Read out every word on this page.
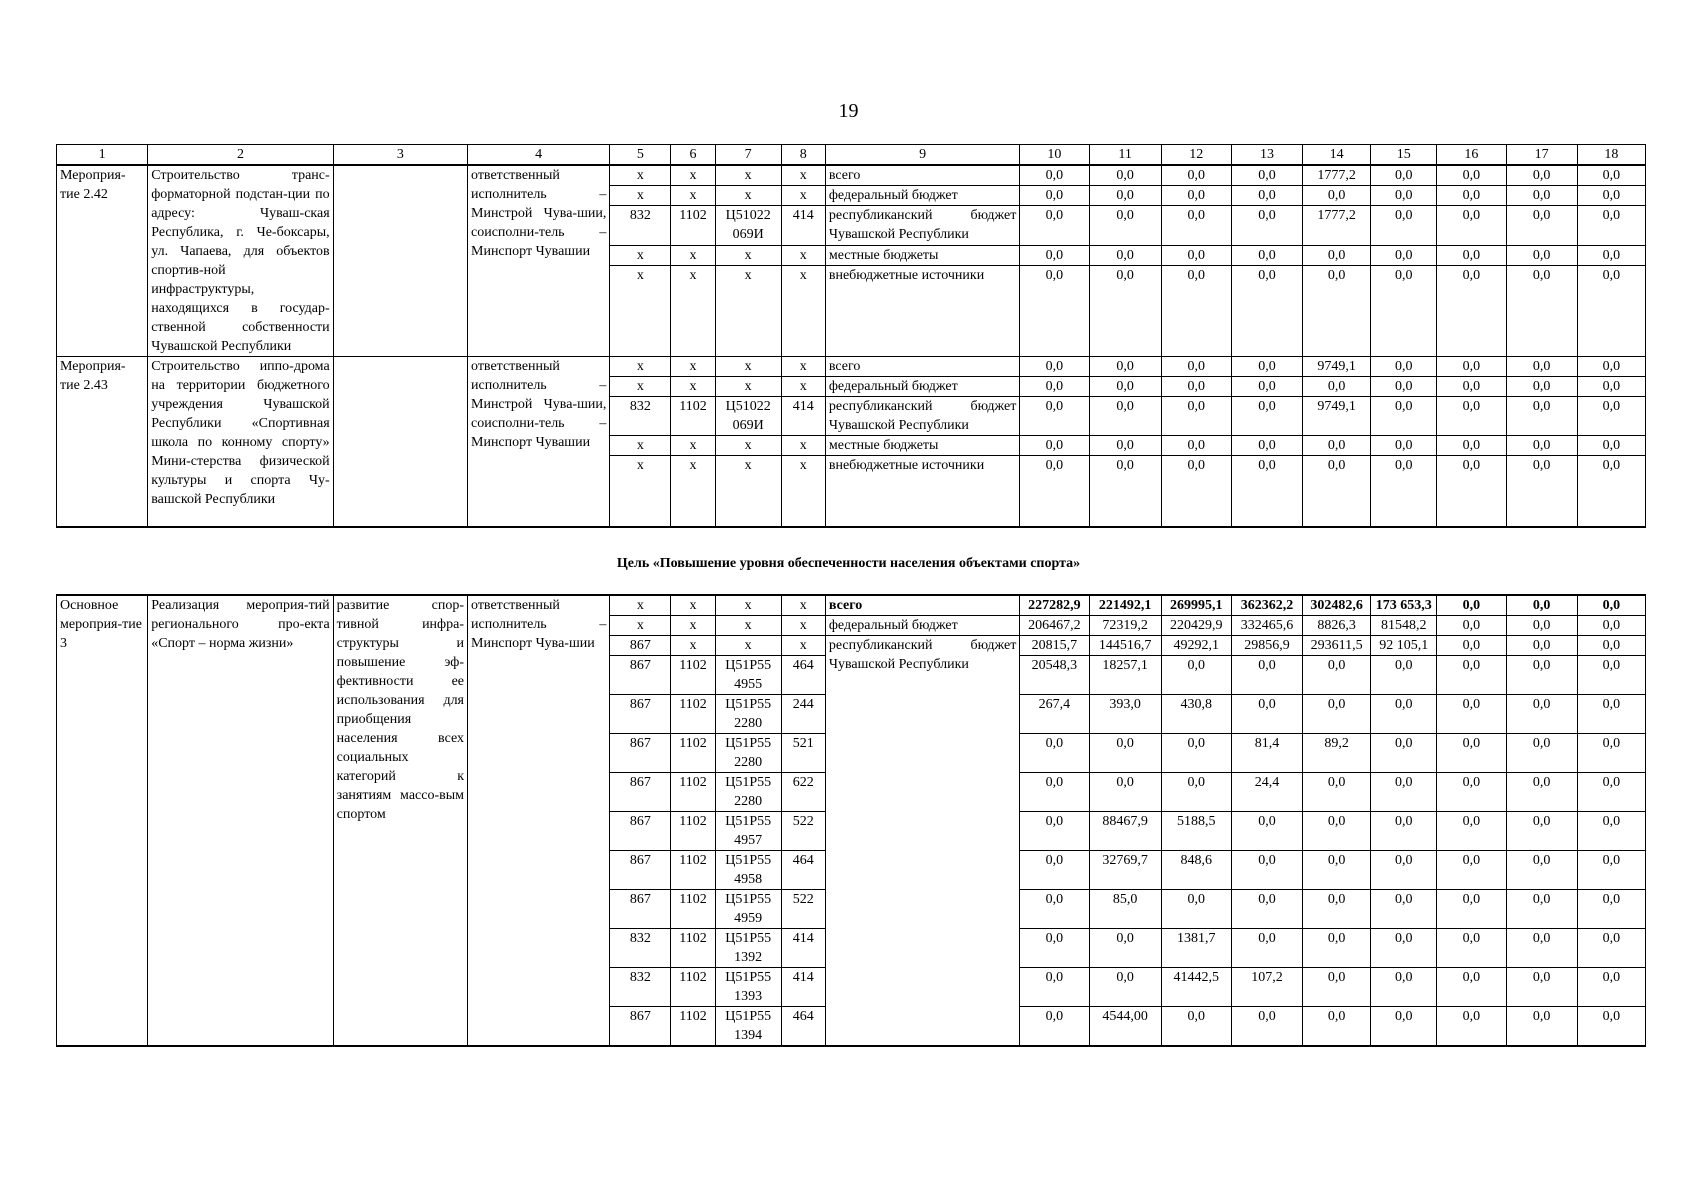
19
1	2	3	4	5	6	7	8	9	10	11	12	13	14	15	16	17	18
Мероприя-тие 2.42	Строительство транс-форматорной подстан-ции по адресу: Чуваш-ская Республика, г. Че-боксары, ул. Чапаева, для объектов спортив-ной инфраструктуры, находящихся в государ-ственной собственности Чувашской Республики		ответственный исполнитель – Минстрой Чува-шии, соисполни-тель – Минспорт Чувашии	х	х	х	х	всего	0,0	0,0	0,0	0,0	1777,2	0,0	0,0	0,0	0,0
				х	х	х	х	федеральный бюджет	0,0	0,0	0,0	0,0	0,0	0,0	0,0	0,0	0,0
				832	1102	Ц51022 069И	414	республиканский бюджет Чувашской Республики	0,0	0,0	0,0	0,0	1777,2	0,0	0,0	0,0	0,0
				х	х	х	х	местные бюджеты	0,0	0,0	0,0	0,0	0,0	0,0	0,0	0,0	0,0
				х	х	х	х	внебюджетные источники	0,0	0,0	0,0	0,0	0,0	0,0	0,0	0,0	0,0
Мероприя-тие 2.43	Строительство иппо-дрома на территории бюджетного учреждения Чувашской Республики «Спортивная школа по конному спорту» Мини-стерства физической культуры и спорта Чу-вашской Республики		ответственный исполнитель – Минстрой Чува-шии, соисполни-тель – Минспорт Чувашии	х	х	х	х	всего	0,0	0,0	0,0	0,0	9749,1	0,0	0,0	0,0	0,0
				х	х	х	х	федеральный бюджет	0,0	0,0	0,0	0,0	0,0	0,0	0,0	0,0	0,0
				832	1102	Ц51022 069И	414	республиканский бюджет Чувашской Республики	0,0	0,0	0,0	0,0	9749,1	0,0	0,0	0,0	0,0
				х	х	х	х	местные бюджеты	0,0	0,0	0,0	0,0	0,0	0,0	0,0	0,0	0,0
				х	х	х	х	внебюджетные источники	0,0	0,0	0,0	0,0	0,0	0,0	0,0	0,0	0,0
Цель «Повышение уровня обеспеченности населения объектами спорта»
Основное мероприя-тие 3	Реализация мероприя-тий регионального про-екта «Спорт – норма жизни»	развитие спор-тивной инфра-структуры и повышение эф-фективности ее использования для приобщения населения всех социальных категорий к занятиям массо-вым спортом	ответственный исполнитель – Минспорт Чува-шии	х	х	х	х	всего	227282,9	221492,1	269995,1	362362,2	302482,6	173 653,3	0,0	0,0	0,0
				х	х	х	х	федеральный бюджет	206467,2	72319,2	220429,9	332465,6	8826,3	81548,2	0,0	0,0	0,0
				867	х	х	х	республиканский бюджет Чувашской Республики	20815,7	144516,7	49292,1	29856,9	293611,5	92 105,1	0,0	0,0	0,0
				867	1102	Ц51Р55 4955	464		20548,3	18257,1	0,0	0,0	0,0	0,0	0,0	0,0	0,0
				867	1102	Ц51Р55 2280	244		267,4	393,0	430,8	0,0	0,0	0,0	0,0	0,0	0,0
				867	1102	Ц51Р55 2280	521		0,0	0,0	0,0	81,4	89,2	0,0	0,0	0,0	0,0
				867	1102	Ц51Р55 2280	622		0,0	0,0	0,0	24,4	0,0	0,0	0,0	0,0	0,0
				867	1102	Ц51Р55 4957	522		0,0	88467,9	5188,5	0,0	0,0	0,0	0,0	0,0	0,0
				867	1102	Ц51Р55 4958	464		0,0	32769,7	848,6	0,0	0,0	0,0	0,0	0,0	0,0
				867	1102	Ц51Р55 4959	522		0,0	85,0	0,0	0,0	0,0	0,0	0,0	0,0	0,0
				832	1102	Ц51Р55 1392	414		0,0	0,0	1381,7	0,0	0,0	0,0	0,0	0,0	0,0
				832	1102	Ц51Р55 1393	414		0,0	0,0	41442,5	107,2	0,0	0,0	0,0	0,0	0,0
				867	1102	Ц51Р55 1394	464		0,0	4544,00	0,0	0,0	0,0	0,0	0,0	0,0	0,0
